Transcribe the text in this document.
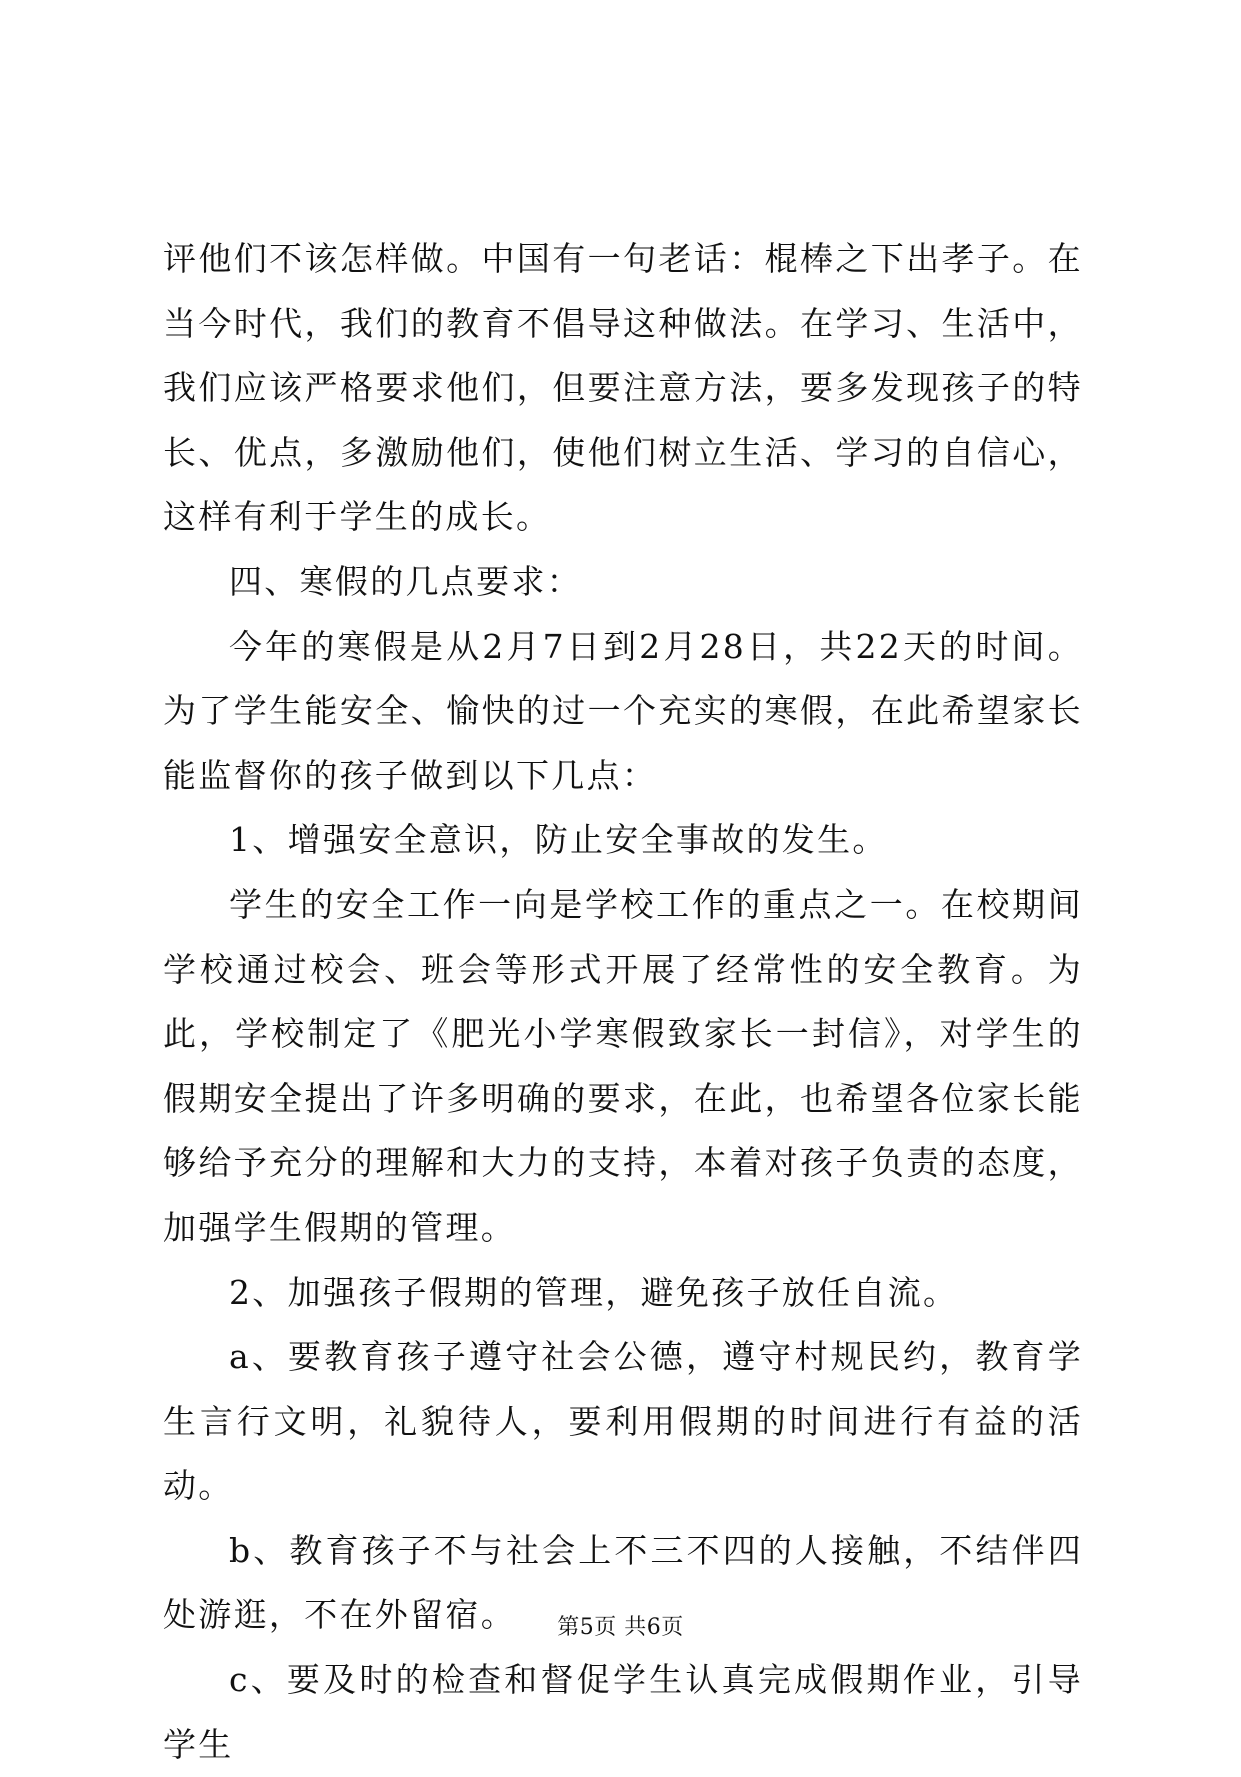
评他们不该怎样做。中国有一句老话：棍棒之下出孝子。在当今时代，我们的教育不倡导这种做法。在学习、生活中，我们应该严格要求他们，但要注意方法，要多发现孩子的特长、优点，多激励他们，使他们树立生活、学习的自信心，这样有利于学生的成长。

四、寒假的几点要求：

今年的寒假是从2月7日到2月28日，共22天的时间。为了学生能安全、愉快的过一个充实的寒假，在此希望家长能监督你的孩子做到以下几点：

1、增强安全意识，防止安全事故的发生。

学生的安全工作一向是学校工作的重点之一。在校期间学校通过校会、班会等形式开展了经常性的安全教育。为此，学校制定了《肥光小学寒假致家长一封信》，对学生的假期安全提出了许多明确的要求，在此，也希望各位家长能够给予充分的理解和大力的支持，本着对孩子负责的态度，加强学生假期的管理。

2、加强孩子假期的管理，避免孩子放任自流。

a、要教育孩子遵守社会公德，遵守村规民约，教育学生言行文明，礼貌待人，要利用假期的时间进行有益的活动。

b、教育孩子不与社会上不三不四的人接触，不结伴四处游逛，不在外留宿。

c、要及时的检查和督促学生认真完成假期作业，引导学生

第5页 共6页
